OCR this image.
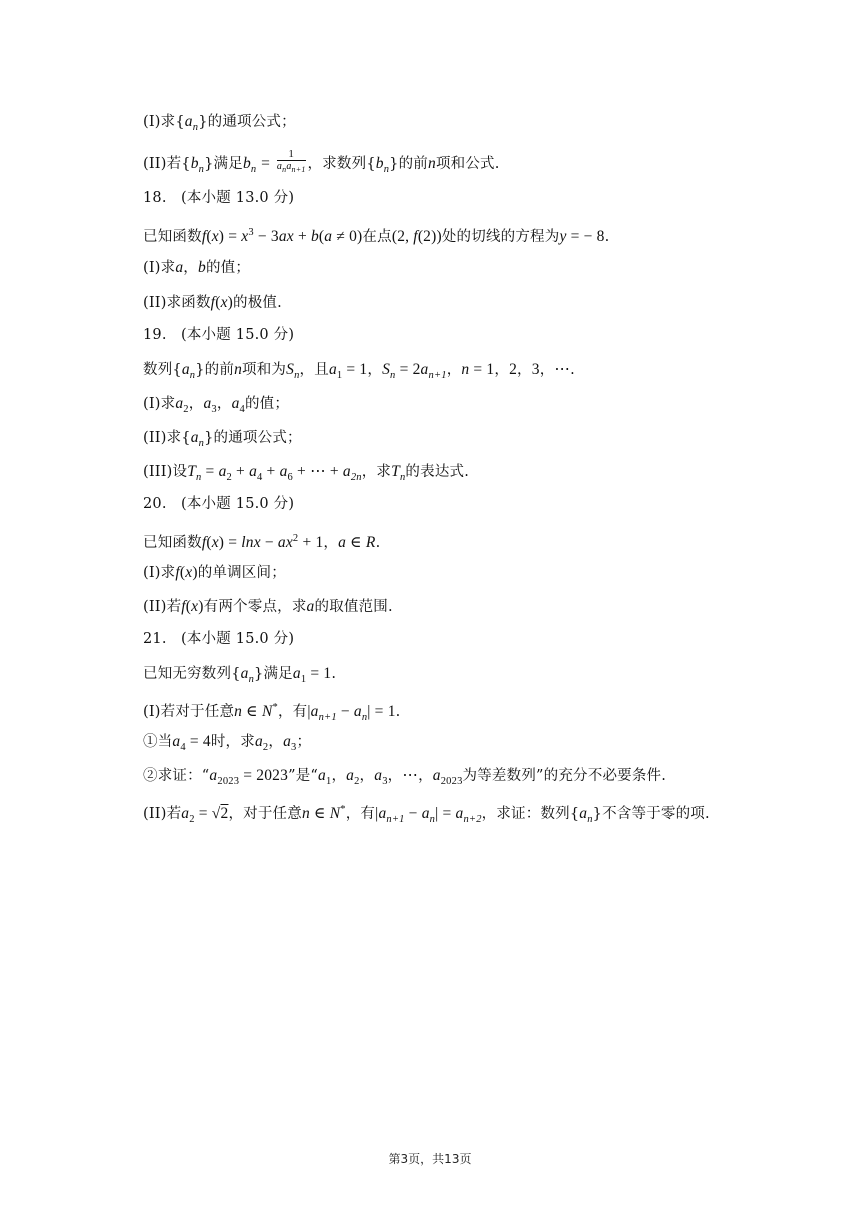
(I)求$\{a_n\}$的通项公式；
(II)若$\{b_n\}$满足$b_n = \frac{1}{a_na_{n+1}}$ ，求数列$\{b_n\}$的前n项和公式.
18. (本小题 13.0 分)
已知函数$f(x) = x^3 - 3ax + b(a \ne 0)$在点(2, f(2))处的切线的方程为y = − 8.
(I)求a，b的值；
(II)求函数f(x)的极值.
19. (本小题 15.0 分)
数列$\{a_n\}$的前n项和为$S_n$，且$a_1 = 1$，$S_n = 2a_{n+1}$，n = 1，2，3，⋯.
(I)求$a_2$，$a_3$，$a_4$的值；
(II)求$\{a_n\}$的通项公式；
(III)设$T_n = a_2 + a_4 + a_6$ + ⋯ + $a_{2n}$，求$T_n$的表达式.
20. (本小题 15.0 分)
已知函数$f(x) = \ln x - ax^2 + 1$，a ∈ R.
(I)求f(x)的单调区间；
(II)若f(x)有两个零点，求a的取值范围.
21. (本小题 15.0 分)
已知无穷数列$\{a_n\}$满足$a_1 = 1$.
(I)若对于任意n ∈ N*，有$|a_{n+1} - a_n| = 1$.
①当$a_4 = 4$时，求$a_2$，$a_3$；
②求证：“$a_{2023} = 2023$”是“$a_1$，$a_2$，$a_3$，⋯，$a_{2023}$为等差数列”的充分不必要条件.
(II)若$a_2 = √2$，对于任意n ∈ N*，有$|a_{n+1} - a_n| = a_{n+2}$，求证：数列$\{a_n\}$不含等于零的项.
第3页，共13页
